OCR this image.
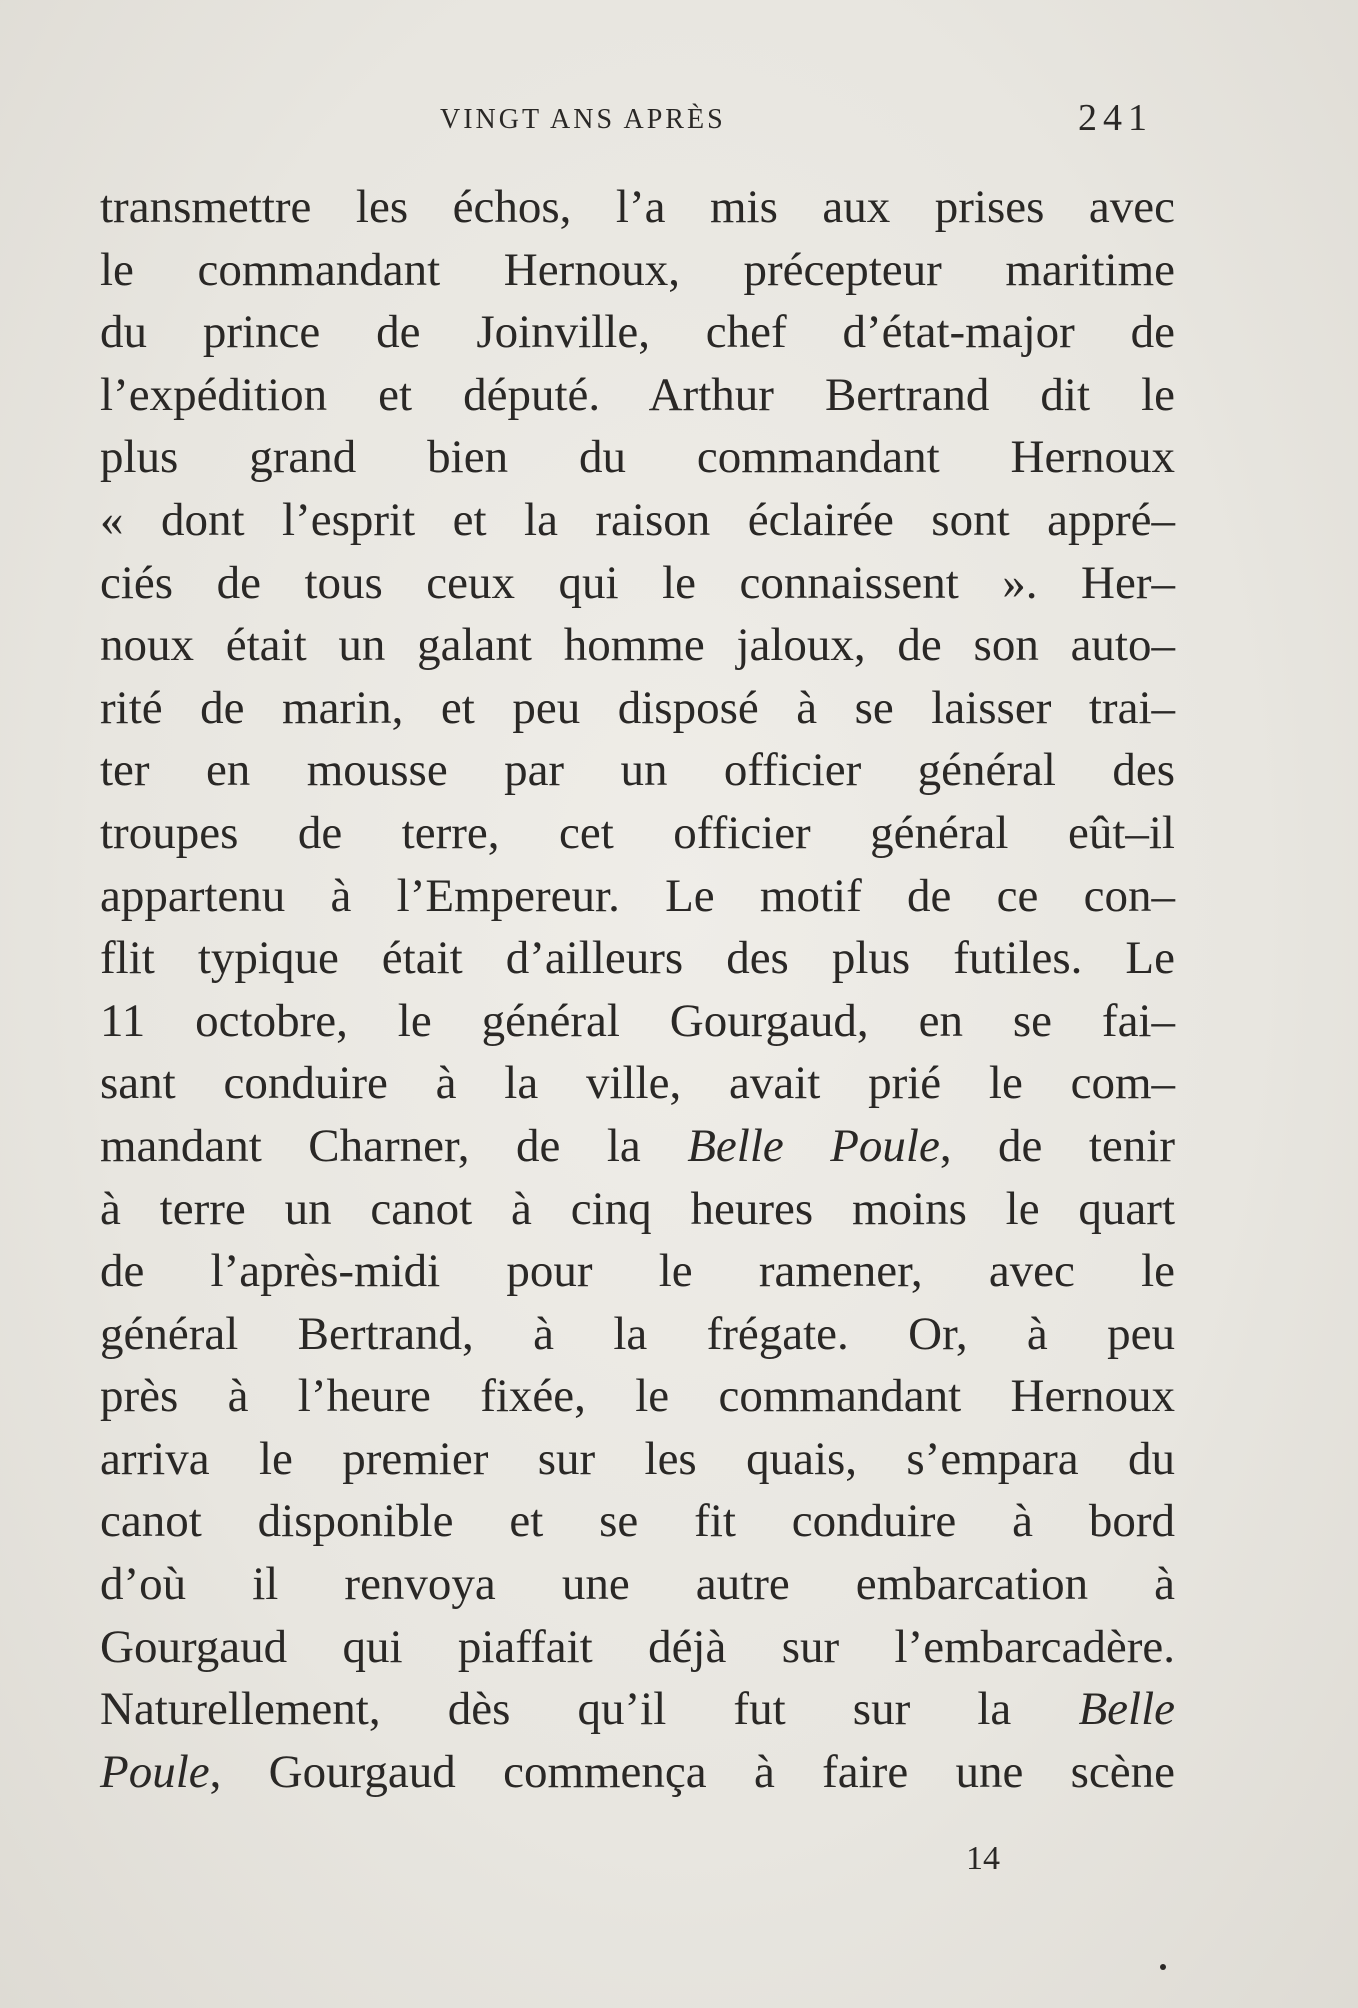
VINGT ANS APRÈS	241
transmettre les échos, l’a mis aux prises avec
le commandant Hernoux, précepteur maritime
du prince de Joinville, chef d’état-major de
l’expédition et député. Arthur Bertrand dit le
plus grand bien du commandant Hernoux
« dont l’esprit et la raison éclairée sont appré–
ciés de tous ceux qui le connaissent ». Her–
noux était un galant homme jaloux, de son auto–
rité de marin, et peu disposé à se laisser trai–
ter en mousse par un officier général des
troupes de terre, cet officier général eût–il
appartenu à l’Empereur. Le motif de ce con–
flit typique était d’ailleurs des plus futiles. Le
11 octobre, le général Gourgaud, en se fai–
sant conduire à la ville, avait prié le com–
mandant Charner, de la Belle Poule, de tenir
à terre un canot à cinq heures moins le quart
de l’après-midi pour le ramener, avec le
général Bertrand, à la frégate. Or, à peu
près à l’heure fixée, le commandant Hernoux
arriva le premier sur les quais, s’empara du
canot disponible et se fit conduire à bord
d’où il renvoya une autre embarcation à
Gourgaud qui piaffait déjà sur l’embarcadère.
Naturellement, dès qu’il fut sur la Belle
Poule, Gourgaud commença à faire une scène
14
